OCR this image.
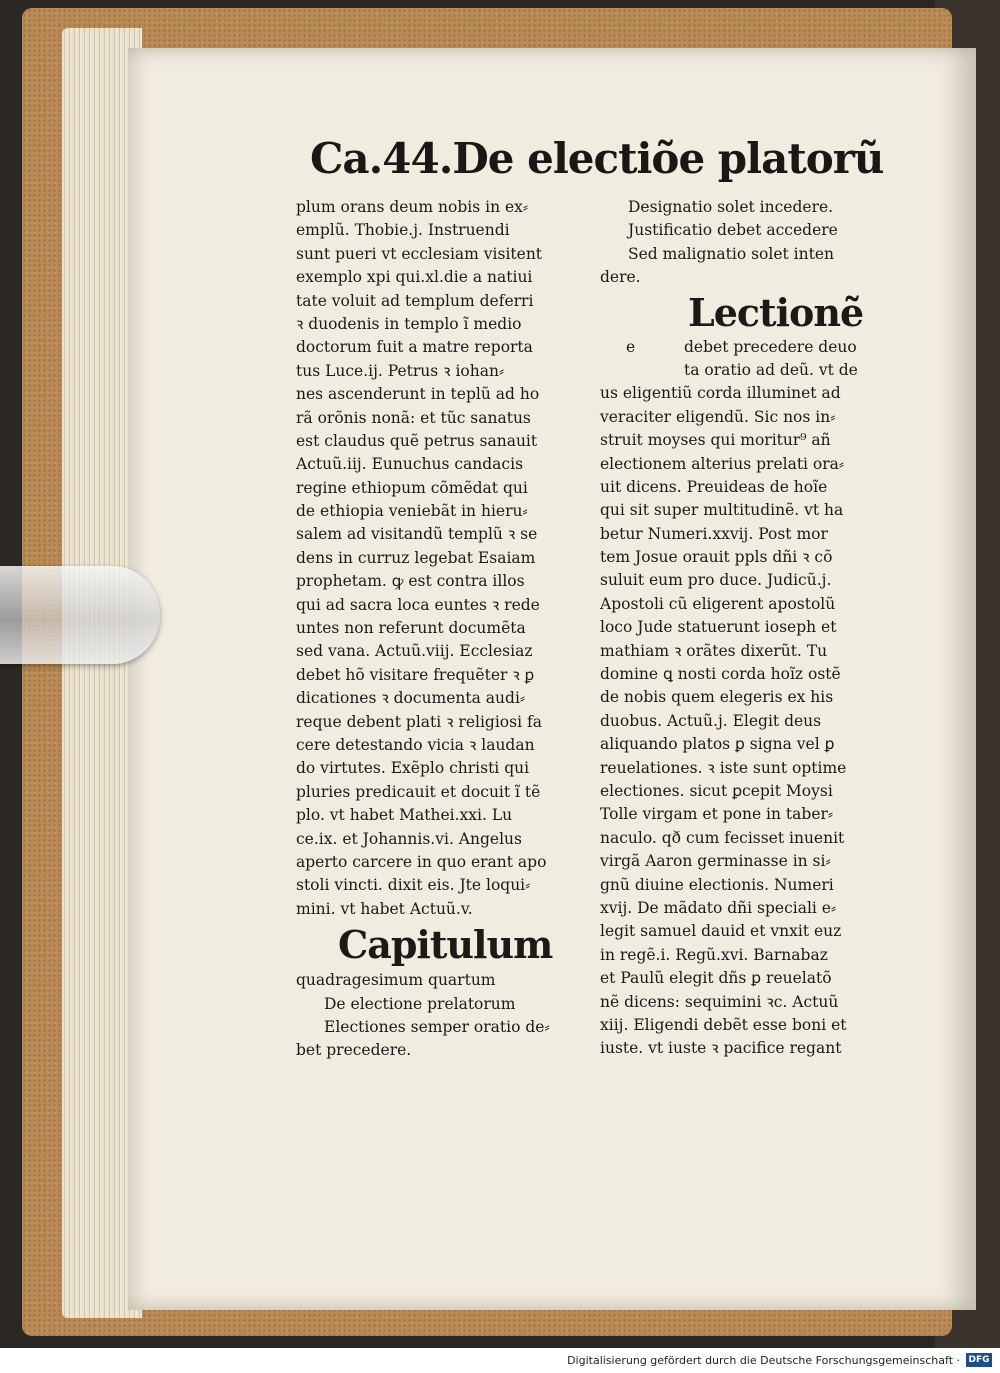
Ca.44.De electiõe platorũ
plum orans deum nobis in ex⸗
emplũ. Thobie.j. Instruendi
sunt pueri vt ecclesiam visitent
exemplo xpi qui.xl.die a natiui
tate voluit ad templum deferri
ꝛ duodenis in templo ĩ medio
doctorum fuit a matre reporta
tus Luce.ij. Petrus ꝛ iohan⸗
nes ascenderunt in teplũ ad ho
rã orõnis nonã: et tũc sanatus
est claudus quẽ petrus sanauit
Actuũ.iij. Eunuchus candacis
regine ethiopum cõmẽdat qui
de ethiopia veniebãt in hieru⸗
salem ad visitandũ templũ ꝛ se
dens in curruz legebat Esaiam
prophetam. ꝙ est contra illos
qui ad sacra loca euntes ꝛ rede
untes non referunt documẽta
sed vana. Actuũ.viij. Ecclesiaz
debet hõ visitare frequẽter ꝛ ꝑ
dicationes ꝛ documenta audi⸗
reque debent plati ꝛ religiosi fa
cere detestando vicia ꝛ laudan
do virtutes. Exẽplo christi qui
pluries predicauit et docuit ĩ tẽ
plo. vt habet Mathei.xxi. Lu
ce.ix. et Johannis.vi. Angelus
aperto carcere in quo erant apo
stoli vincti. dixit eis. Jte loqui⸗
mini. vt habet Actuũ.v.
Capitulum
quadragesimum quartum
De electione prelatorum
Electiones semper oratio de⸗
bet precedere.
Designatio solet incedere.
Justificatio debet accedere
Sed malignatio solet inten
dere.
Lectionẽ
e	debet precedere deuo
ta oratio ad deũ. vt de
us eligentiũ corda illuminet ad
veraciter eligendũ. Sic nos in⸗
struit moyses qui moritur⁹ añ
electionem alterius prelati ora⸗
uit dicens. Preuideas de hoĩe
qui sit super multitudinẽ. vt ha
betur Numeri.xxvij. Post mor
tem Josue orauit ppls dñi ꝛ cõ
suluit eum pro duce. Judicũ.j.
Apostoli cũ eligerent apostolũ
loco Jude statuerunt ioseph et
mathiam ꝛ orãtes dixerũt. Tu
domine ꝗ nosti corda hoĩz ostẽ
de nobis quem elegeris ex his
duobus. Actuũ.j. Elegit deus
aliquando platos ꝑ signa vel ꝑ
reuelationes. ꝛ iste sunt optime
electiones. sicut ꝑcepit Moysi
Tolle virgam et pone in taber⸗
naculo. qð cum fecisset inuenit
virgã Aaron germinasse in si⸗
gnũ diuine electionis. Numeri
xvij. De mãdato dñi speciali e⸗
legit samuel dauid et vnxit euz
in regẽ.i. Regũ.xvi. Barnabaz
et Paulũ elegit dñs ꝑ reuelatõ
nẽ dicens: sequimini ꝛc. Actuũ
xiij. Eligendi debẽt esse boni et
iuste. vt iuste ꝛ pacifice regant
Digitalisierung gefördert durch die Deutsche Forschungsgemeinschaft · DFG
